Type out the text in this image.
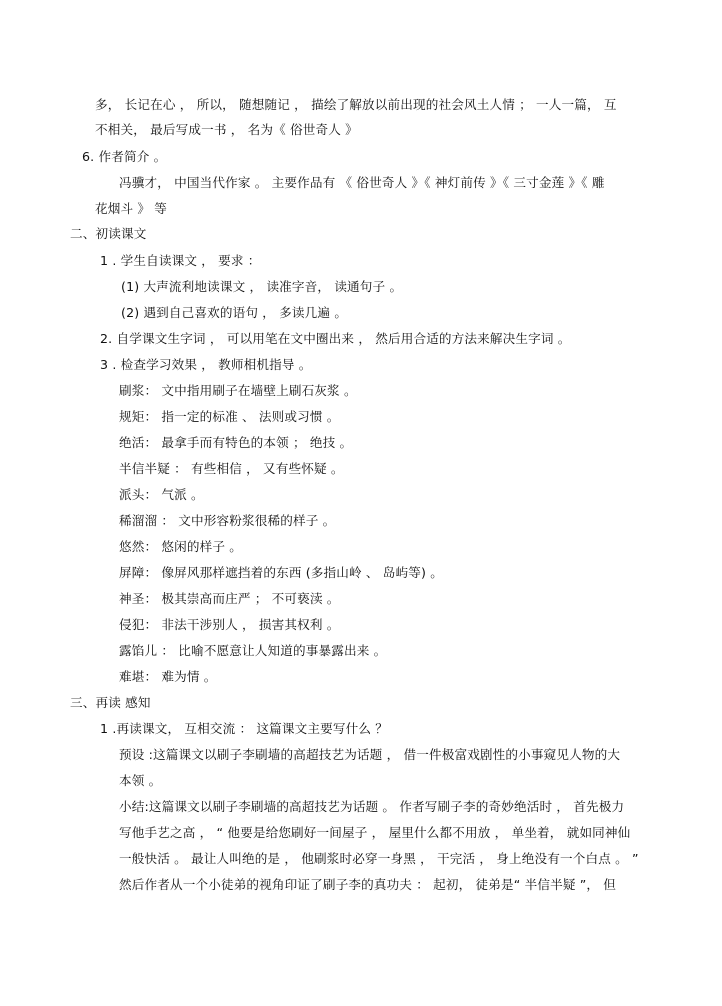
多， 长记在心 ， 所以， 随想随记 ， 描绘了解放以前出现的社会风土人情 ； 一人一篇， 互
不相关， 最后写成一书 ， 名为《 俗世奇人 》
6. 作者简介 。
冯骥才， 中国当代作家 。 主要作品有 《 俗世奇人 》《 神灯前传 》《 三寸金莲 》《 雕
花烟斗 》 等
二、初读课文
1 . 学生自读课文 ， 要求 ：
(1) 大声流利地读课文 ， 读准字音， 读通句子 。
(2) 遇到自己喜欢的语句 ， 多读几遍 。
2. 自学课文生字词 ， 可以用笔在文中圈出来 ， 然后用合适的方法来解决生字词 。
3 . 检查学习效果 ， 教师相机指导 。
刷浆： 文中指用刷子在墙壁上刷石灰浆 。
规矩： 指一定的标准 、 法则或习惯 。
绝活： 最拿手而有特色的本领 ； 绝技 。
半信半疑 ： 有些相信 ， 又有些怀疑 。
派头： 气派 。
稀溜溜 ： 文中形容粉浆很稀的样子 。
悠然： 悠闲的样子 。
屏障： 像屏风那样遮挡着的东西 (多指山岭 、 岛屿等) 。
神圣： 极其崇高而庄严 ； 不可亵渎 。
侵犯： 非法干涉别人 ， 损害其权利 。
露馅儿 ： 比喻不愿意让人知道的事暴露出来 。
难堪： 难为情 。
三、再读 感知
1 .再读课文， 互相交流 ： 这篇课文主要写什么 ？
预设 :这篇课文以刷子李刷墙的高超技艺为话题 ， 借一件极富戏剧性的小事窥见人物的大
本领 。
小结:这篇课文以刷子李刷墙的高超技艺为话题 。 作者写刷子李的奇妙绝活时 ， 首先极力
写他手艺之高 ， “ 他要是给您刷好一间屋子 ， 屋里什么都不用放 ， 单坐着， 就如同神仙
一般快活 。 最让人叫绝的是 ， 他刷浆时必穿一身黑 ， 干完活 ， 身上绝没有一个白点 。 ”
然后作者从一个小徒弟的视角印证了刷子李的真功夫 ： 起初， 徒弟是“ 半信半疑 ”， 但
